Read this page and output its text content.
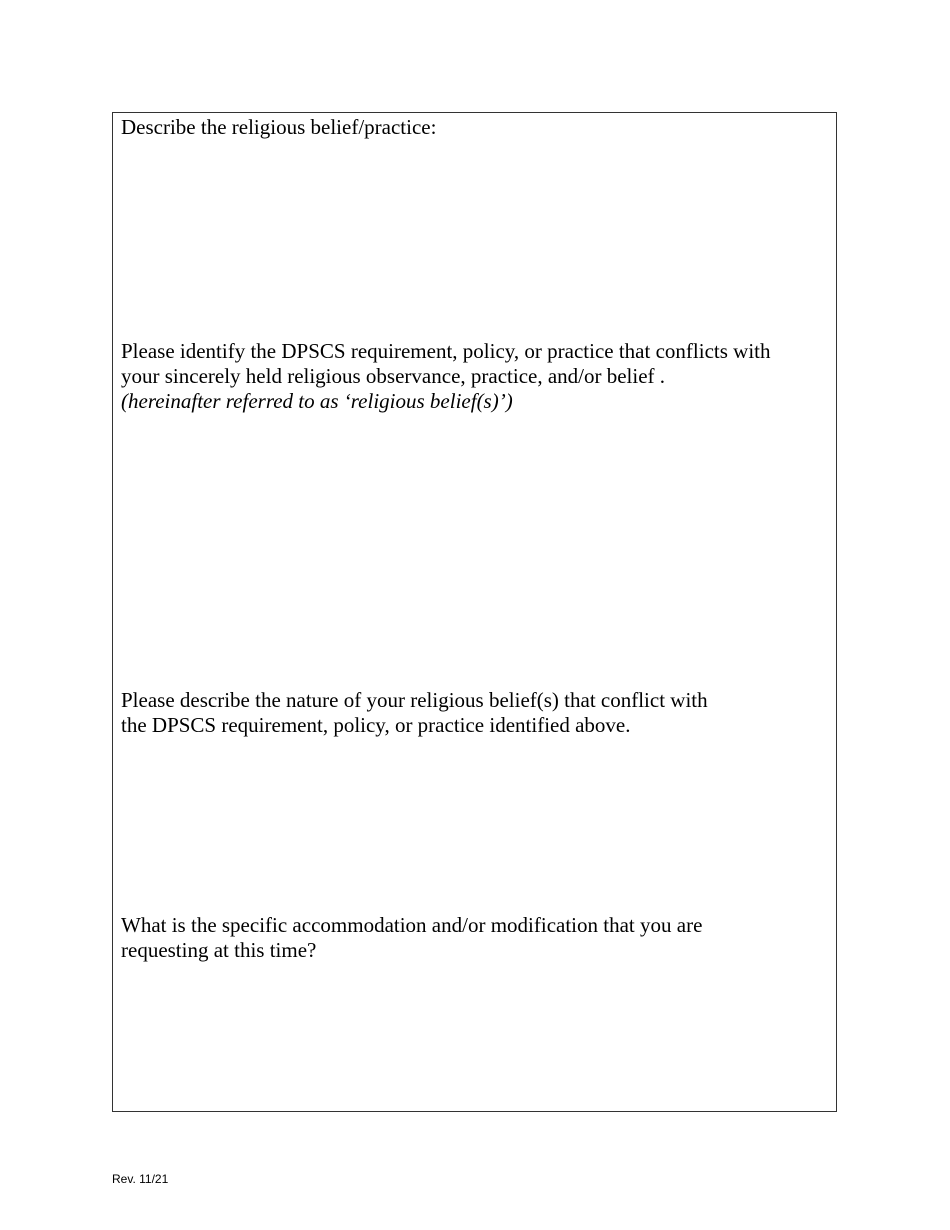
Describe the religious belief/practice:

Please identify the DPSCS requirement, policy, or practice that conflicts with
your sincerely held religious observance, practice, and/or belief .
(hereinafter referred to as ‘religious belief(s)’)

Please describe the nature of your religious belief(s) that conflict with
the DPSCS requirement, policy, or practice identified above.

What is the specific accommodation and/or modification that you are
requesting at this time?

Rev. 11/21
